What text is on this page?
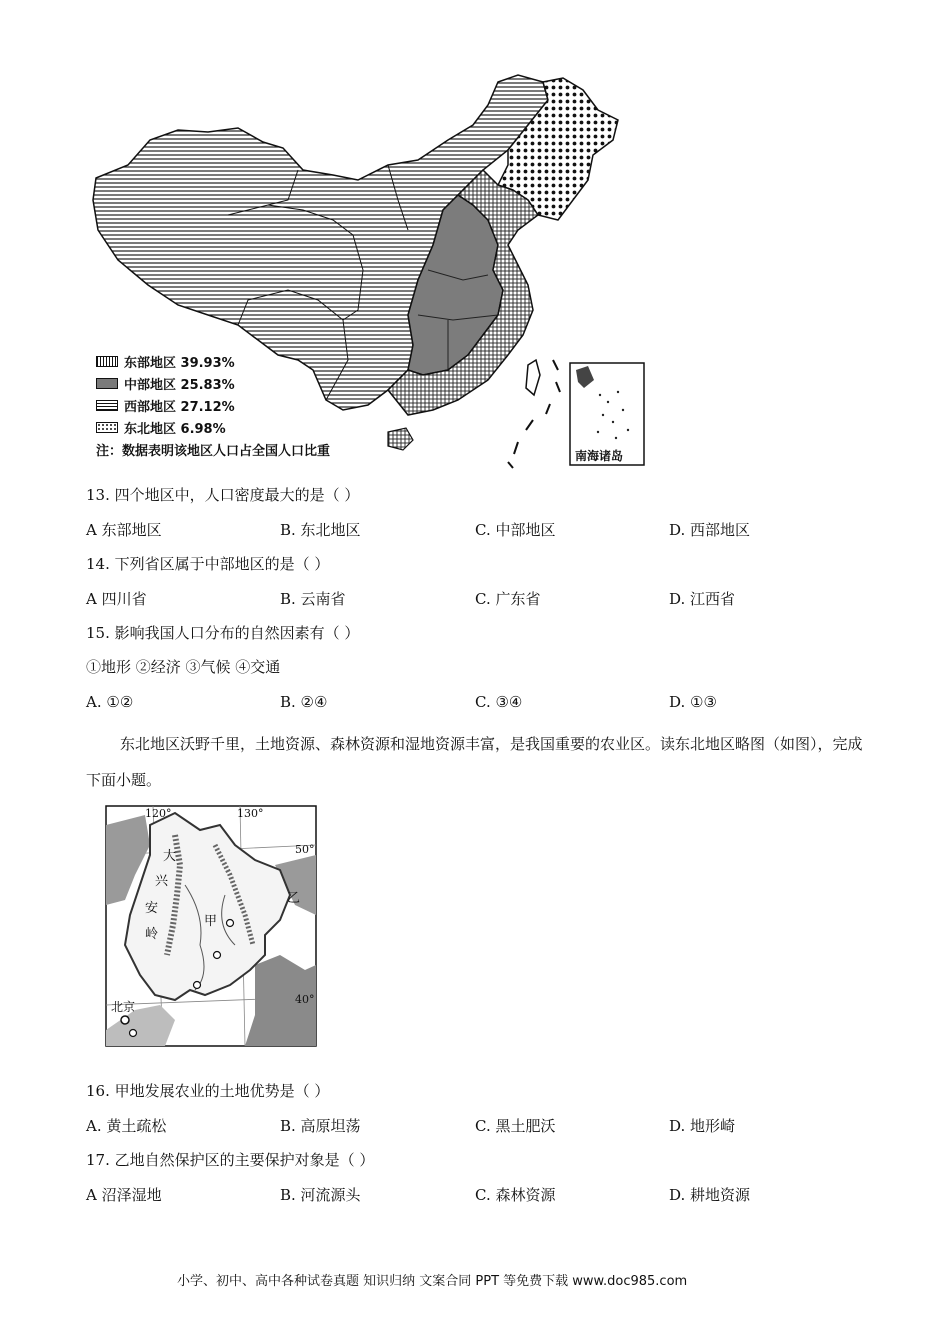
东部地区 39.93%
中部地区 25.83%
西部地区 27.12%
东北地区 6.98%
注：数据表明该地区人口占全国人口比重	南海诸岛
13. 四个地区中，人口密度最大的是（ ）
A 东部地区	B. 东北地区	C. 中部地区	D. 西部地区
14. 下列省区属于中部地区的是（ ）
A 四川省	B. 云南省	C. 广东省	D. 江西省
15. 影响我国人口分布的自然因素有（ ）
①地形 ②经济 ③气候 ④交通
A. ①②	B. ②④	C. ③④	D. ①③
东北地区沃野千里，土地资源、森林资源和湿地资源丰富，是我国重要的农业区。读东北地区略图（如图），完成下面小题。
120°	130°
50°
40°
大
兴
安
岭
甲
乙
北京
16. 甲地发展农业的土地优势是（ ）
A. 黄土疏松	B. 高原坦荡	C. 黑土肥沃	D. 地形崎
17. 乙地自然保护区的主要保护对象是（ ）
A 沼泽湿地	B. 河流源头	C. 森林资源	D. 耕地资源
小学、初中、高中各种试卷真题 知识归纳 文案合同 PPT 等免费下载 www.doc985.com
